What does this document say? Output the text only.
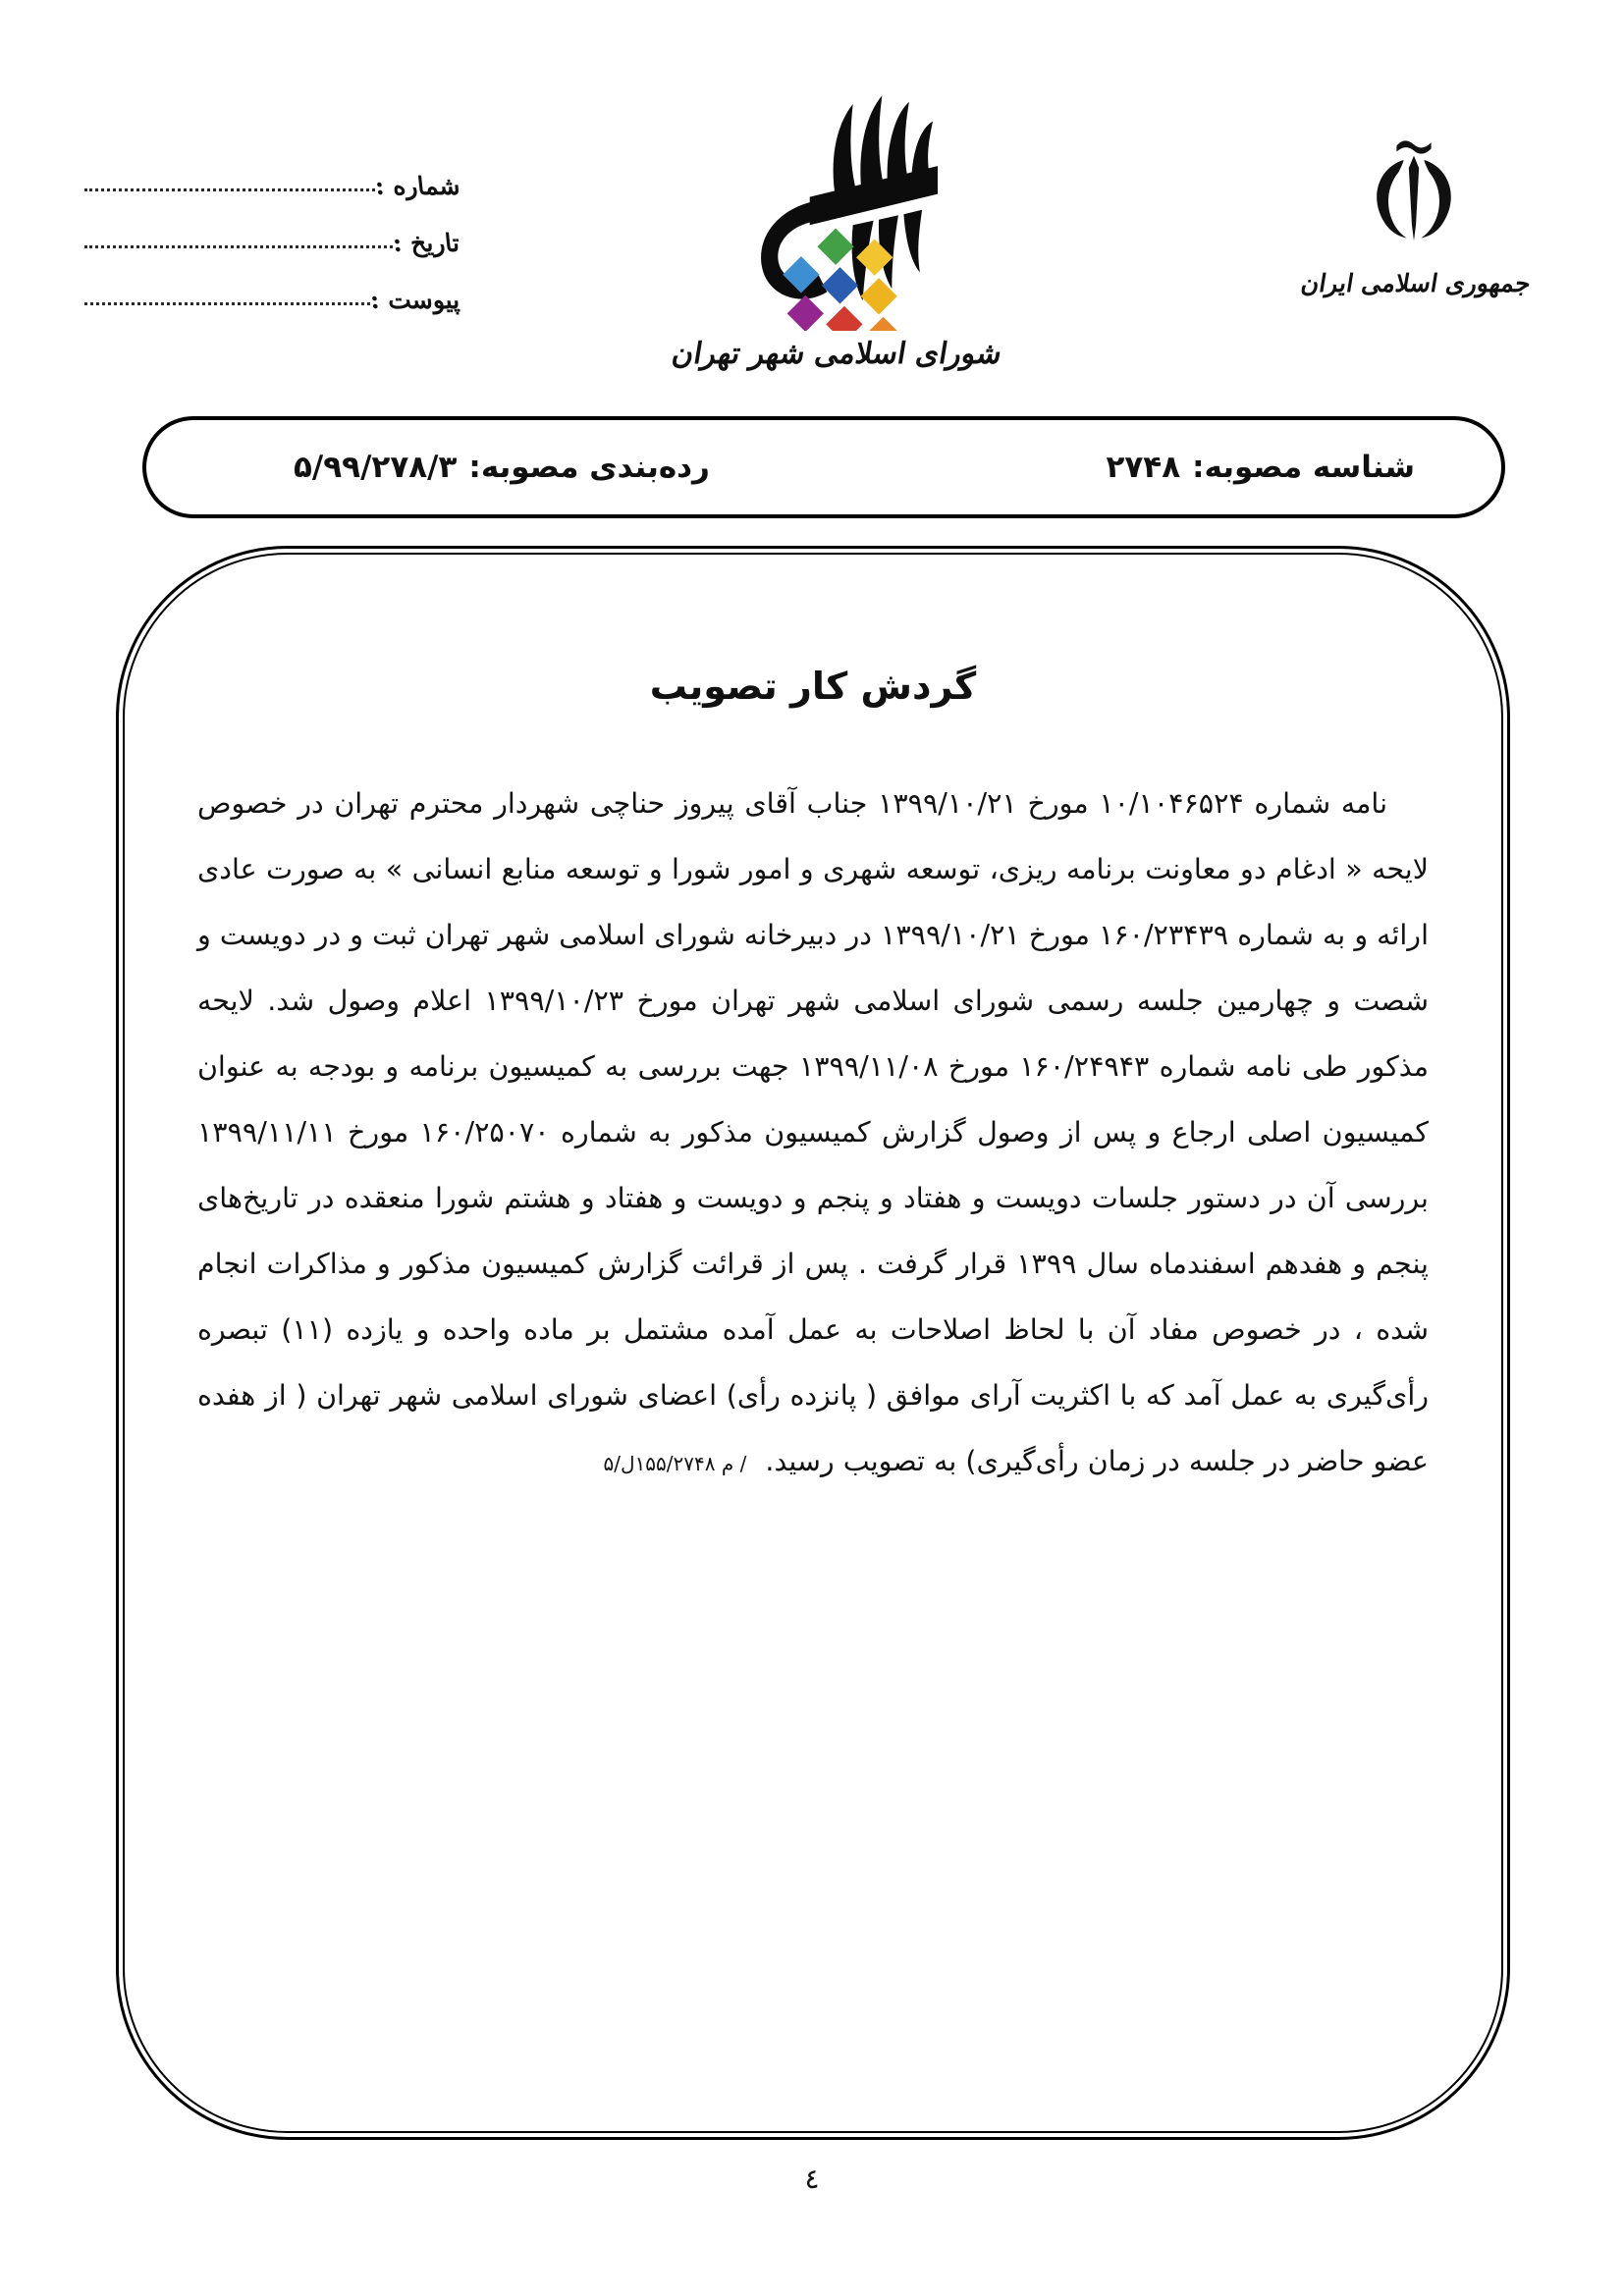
شماره :
تاریخ :
پیوست :
شورای اسلامی شهر تهران
جمهوری اسلامی ایران
شناسه مصوبه:
۲۷۴۸
رده‌بندی مصوبه:
۵/۹۹/۲۷۸/۳
گردش کار تصویب

نامه شماره ۱۰/۱۰۴۶۵۲۴ مورخ ۱۳۹۹/۱۰/۲۱ جناب آقای پیروز حناچی شهردار محترم تهران در خصوص لایحه « ادغام دو معاونت برنامه ریزی، توسعه شهری و امور شورا و توسعه منابع انسانی » به صورت عادی ارائه و به شماره ۱۶۰/۲۳۴۳۹ مورخ ۱۳۹۹/۱۰/۲۱ در دبیرخانه شورای اسلامی شهر تهران ثبت و در دویست و شصت و چهارمین جلسه رسمی شورای اسلامی شهر تهران مورخ ۱۳۹۹/۱۰/۲۳ اعلام وصول شد. لایحه مذکور طی نامه شماره ۱۶۰/۲۴۹۴۳ مورخ ۱۳۹۹/۱۱/۰۸ جهت بررسی به کمیسیون برنامه و بودجه به عنوان کمیسیون اصلی ارجاع و پس از وصول گزارش کمیسیون مذکور به شماره ۱۶۰/۲۵۰۷۰ مورخ ۱۳۹۹/۱۱/۱۱ بررسی آن در دستور جلسات دویست و هفتاد و پنجم و دویست و هفتاد و هشتم شورا منعقده در تاریخ‌های پنجم و هفدهم اسفندماه سال ۱۳۹۹ قرار گرفت . پس از قرائت گزارش کمیسیون مذکور و مذاکرات انجام شده ، در خصوص مفاد آن با لحاظ اصلاحات به عمل آمده مشتمل بر ماده واحده و یازده (۱۱) تبصره رأی‌گیری به عمل آمد که با اکثریت آرای موافق ( پانزده رأی) اعضای شورای اسلامی شهر تهران ( از هفده عضو حاضر در جلسه در زمان رأی‌گیری) به تصویب رسید. / م ۱۵۵/۲۷۴۸ل/۵

٤
